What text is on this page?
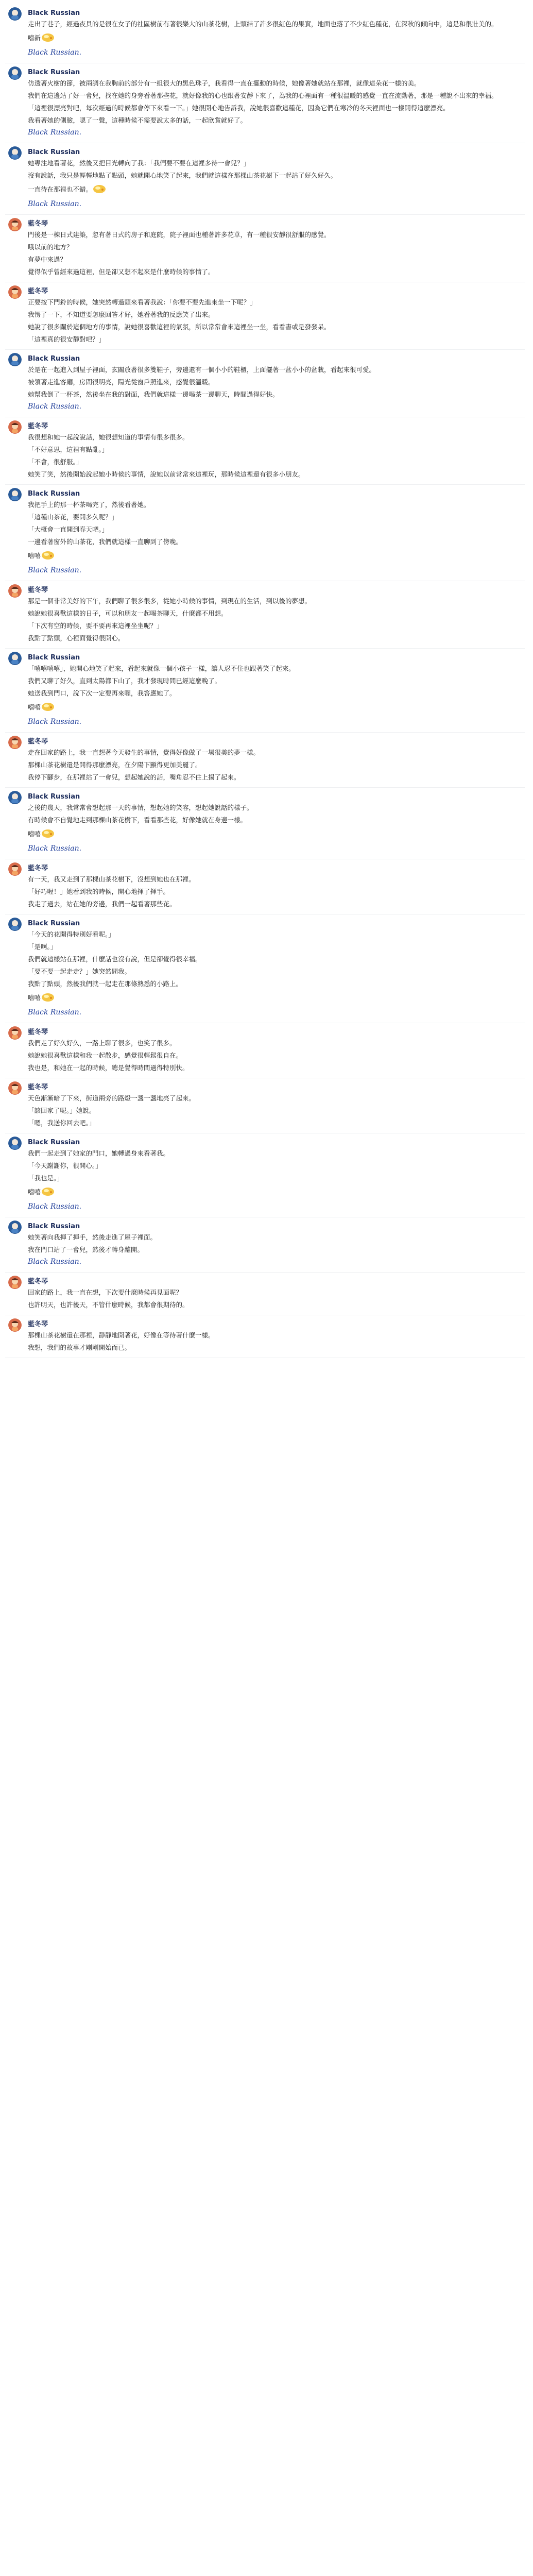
Black Russian

走出了巷子，經過夜貝的是很在女子的社區樹前有著很樂大的山茶花樹，上頭結了許多很紅色的果實，地面也落了不少紅色種花，在深秋的傾向中，這是和很壯美的。

嘻新

Black Russian.

Black Russian

仿透著火樹的節，被兩調在我胸前的部分有一組很大的黑色珠子，我看得一直在擺動的時候，她像著她就站在那裡，就像這朵花一樣的美。

我們在這邊站了好一會兒，找在她的身旁看著那些花，就好像我的心也跟著安靜下來了，為我的心裡面有一種很溫暖的感覺一直在流動著，那是一種說不出來的幸福。

「這裡很漂亮對吧，每次經過的時候都會停下來看一下。」她很開心地告訴我，說她很喜歡這種花，因為它們在寒冷的冬天裡面也一樣開得這麼漂亮。

我看著她的側臉，嗯了一聲，這種時候不需要說太多的話，一起欣賞就好了。

Black Russian.

Black Russian

她專注地看著花，然後又把目光轉向了我：「我們要不要在這裡多待一會兒？」

沒有說話，我只是輕輕地點了點頭，她就開心地笑了起來，我們就這樣在那棵山茶花樹下一起站了好久好久。

一直待在那裡也不錯。

Black Russian.

藍冬琴

門後是一棟日式建築，忽有著日式的房子和庭院，院子裡面也種著許多花草，有一種很安靜很舒服的感覺。

哦以前的地方？

有夢中來過？

覺得似乎曾經來過這裡，但是卻又想不起來是什麼時候的事情了。

藍冬琴

正要按下門鈴的時候，她突然轉過頭來看著我說：「你要不要先進來坐一下呢？」

我愣了一下，不知道要怎麼回答才好，她看著我的反應笑了出來。

她說了很多關於這個地方的事情，說她很喜歡這裡的氣氛，所以常常會來這裡坐一坐，看看書或是發發呆。

「這裡真的很安靜對吧？」

Black Russian

於是在一起進入到屋子裡面，玄關放著很多雙鞋子，旁邊還有一個小小的鞋櫃，上面擺著一盆小小的盆栽，看起來很可愛。

被領著走進客廳，房間很明亮，陽光從窗戶照進來，感覺很溫暖。

她幫我倒了一杯茶，然後坐在我的對面，我們就這樣一邊喝茶一邊聊天，時間過得好快。

Black Russian.

藍冬琴

我很想和她一起說說話，她很想知道的事情有很多很多。

「不好意思，這裡有點亂。」

「不會，很舒服。」

她笑了笑，然後開始說起她小時候的事情，說她以前常常來這裡玩，那時候這裡還有很多小朋友。

Black Russian

我把手上的那一杯茶喝完了，然後看著她。

「這種山茶花，要開多久呢？」

「大概會一直開到春天吧。」

一邊看著窗外的山茶花，我們就這樣一直聊到了傍晚。

嘻嘻

Black Russian.

藍冬琴

那是一個非常美好的下午，我們聊了很多很多，從她小時候的事情，到現在的生活，到以後的夢想。

她說她很喜歡這樣的日子，可以和朋友一起喝茶聊天，什麼都不用想。

「下次有空的時候，要不要再來這裡坐坐呢？」

我點了點頭，心裡面覺得很開心。

Black Russian

「嘻嘻嘻嘻」，她開心地笑了起來，看起來就像一個小孩子一樣，讓人忍不住也跟著笑了起來。

我們又聊了好久，直到太陽都下山了，我才發現時間已經這麼晚了。

她送我到門口，說下次一定要再來喔，我答應她了。

嘻嘻

Black Russian.

藍冬琴

走在回家的路上，我一直想著今天發生的事情，覺得好像做了一場很美的夢一樣。

那棵山茶花樹還是開得那麼漂亮，在夕陽下顯得更加美麗了。

我停下腳步，在那裡站了一會兒，想起她說的話，嘴角忍不住上揚了起來。

Black Russian

之後的幾天，我常常會想起那一天的事情，想起她的笑容，想起她說話的樣子。

有時候會不自覺地走到那棵山茶花樹下，看看那些花，好像她就在身邊一樣。

嘻嘻

Black Russian.

藍冬琴

有一天，我又走到了那棵山茶花樹下，沒想到她也在那裡。

「好巧喔！」她看到我的時候，開心地揮了揮手。

我走了過去，站在她的旁邊，我們一起看著那些花。

Black Russian

「今天的花開得特別好看呢。」

「是啊。」

我們就這樣站在那裡，什麼話也沒有說，但是卻覺得很幸福。

「要不要一起走走？」她突然問我。

我點了點頭，然後我們就一起走在那條熟悉的小路上。

嘻嘻

Black Russian.

藍冬琴

我們走了好久好久，一路上聊了很多，也笑了很多。

她說她很喜歡這樣和我一起散步，感覺很輕鬆很自在。

我也是，和她在一起的時候，總是覺得時間過得特別快。

藍冬琴

天色漸漸暗了下來，街道兩旁的路燈一盞一盞地亮了起來。

「該回家了呢。」她說。

「嗯，我送你回去吧。」

Black Russian

我們一起走到了她家的門口，她轉過身來看著我。

「今天謝謝你，很開心。」

「我也是。」

嘻嘻

Black Russian.

Black Russian

她笑著向我揮了揮手，然後走進了屋子裡面。

我在門口站了一會兒，然後才轉身離開。

Black Russian.

藍冬琴

回家的路上，我一直在想，下次要什麼時候再見面呢？

也許明天，也許後天，不管什麼時候，我都會很期待的。

藍冬琴

那棵山茶花樹還在那裡，靜靜地開著花，好像在等待著什麼一樣。

我想，我們的故事才剛剛開始而已。
